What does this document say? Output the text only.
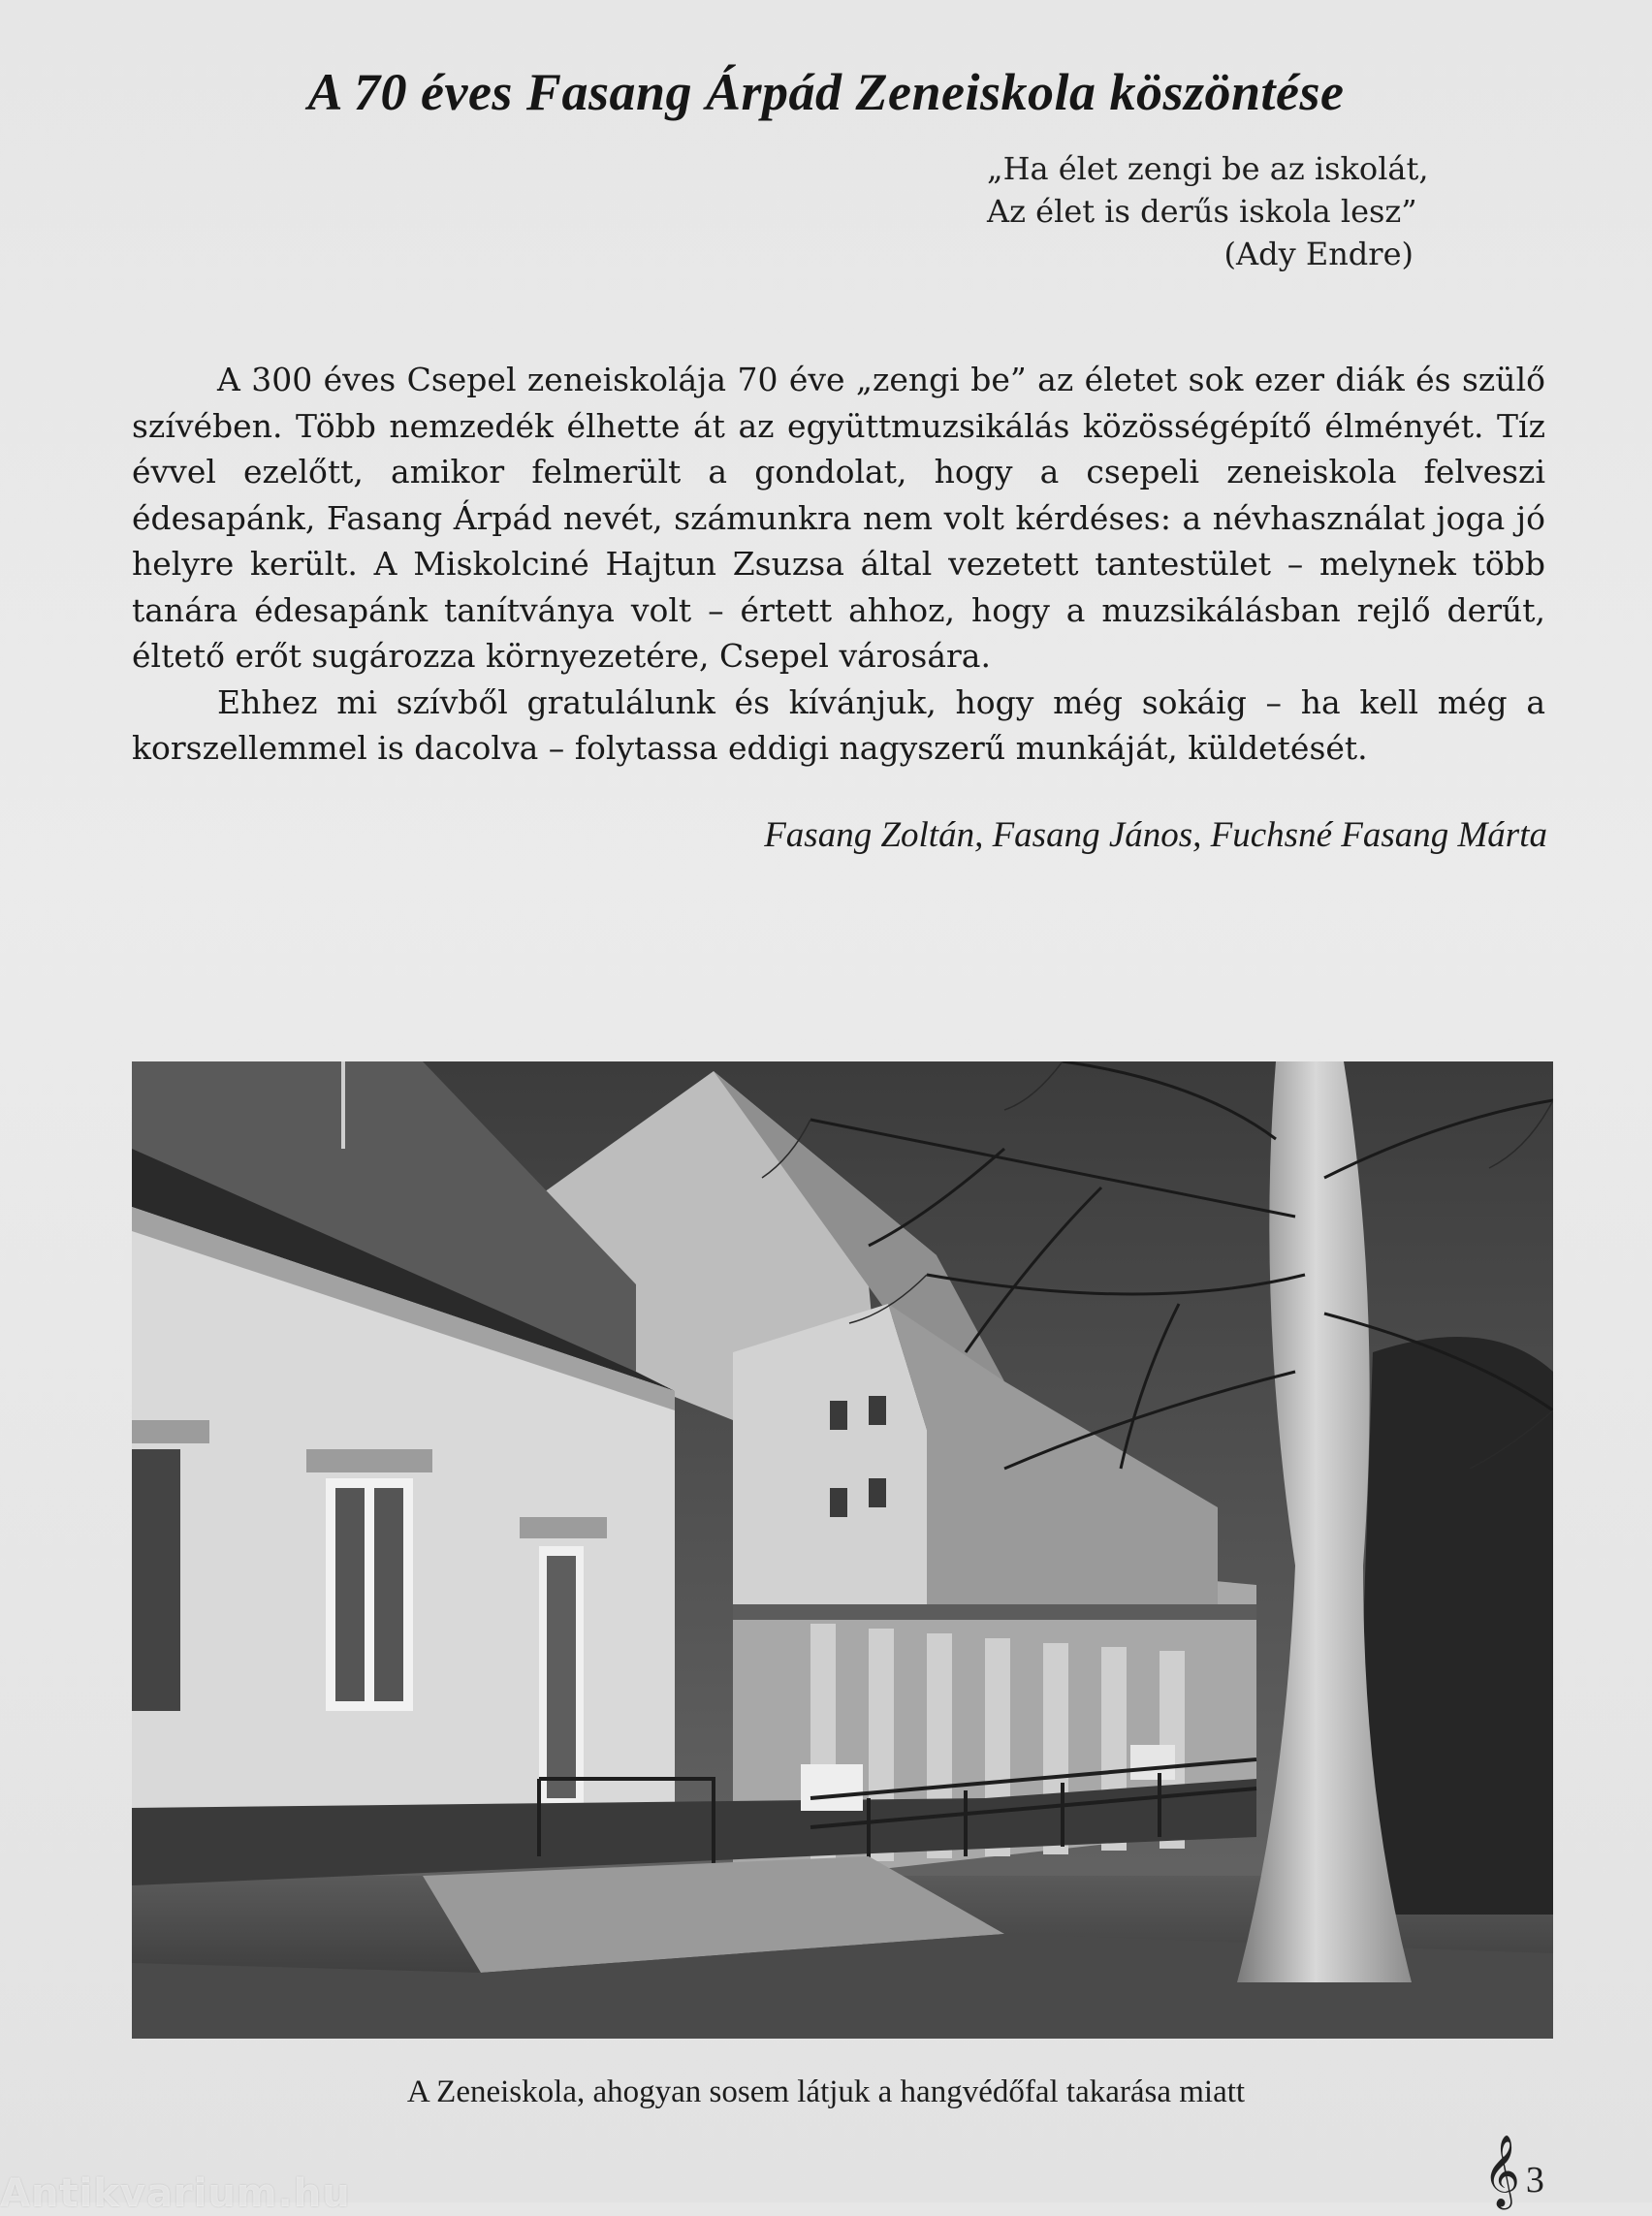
A 70 éves Fasang Árpád Zeneiskola köszöntése
„Ha élet zengi be az iskolát,
Az élet is derűs iskola lesz”
(Ady Endre)

A 300 éves Csepel zeneiskolája 70 éve „zengi be” az életet sok ezer diák és szülő szívében. Több nemzedék élhette át az együttmuzsikálás közösségépítő élményét. Tíz évvel ezelőtt, amikor felmerült a gondolat, hogy a csepeli zeneiskola felveszi édesapánk, Fasang Árpád nevét, számunkra nem volt kérdéses: a névhasználat joga jó helyre került. A Miskolciné Hajtun Zsuzsa által vezetett tantestület – melynek több tanára édesapánk tanítványa volt – értett ahhoz, hogy a muzsikálásban rejlő derűt, éltető erőt sugározza környezetére, Csepel városára.

Ehhez mi szívből gratulálunk és kívánjuk, hogy még sokáig – ha kell még a korszellemmel is dacolva – folytassa eddigi nagyszerű munkáját, küldetését.

Fasang Zoltán, Fasang János, Fuchsné Fasang Márta
A Zeneiskola, ahogyan sosem látjuk a hangvédőfal takarása miatt
𝄞 3
Antikvarium.hu
